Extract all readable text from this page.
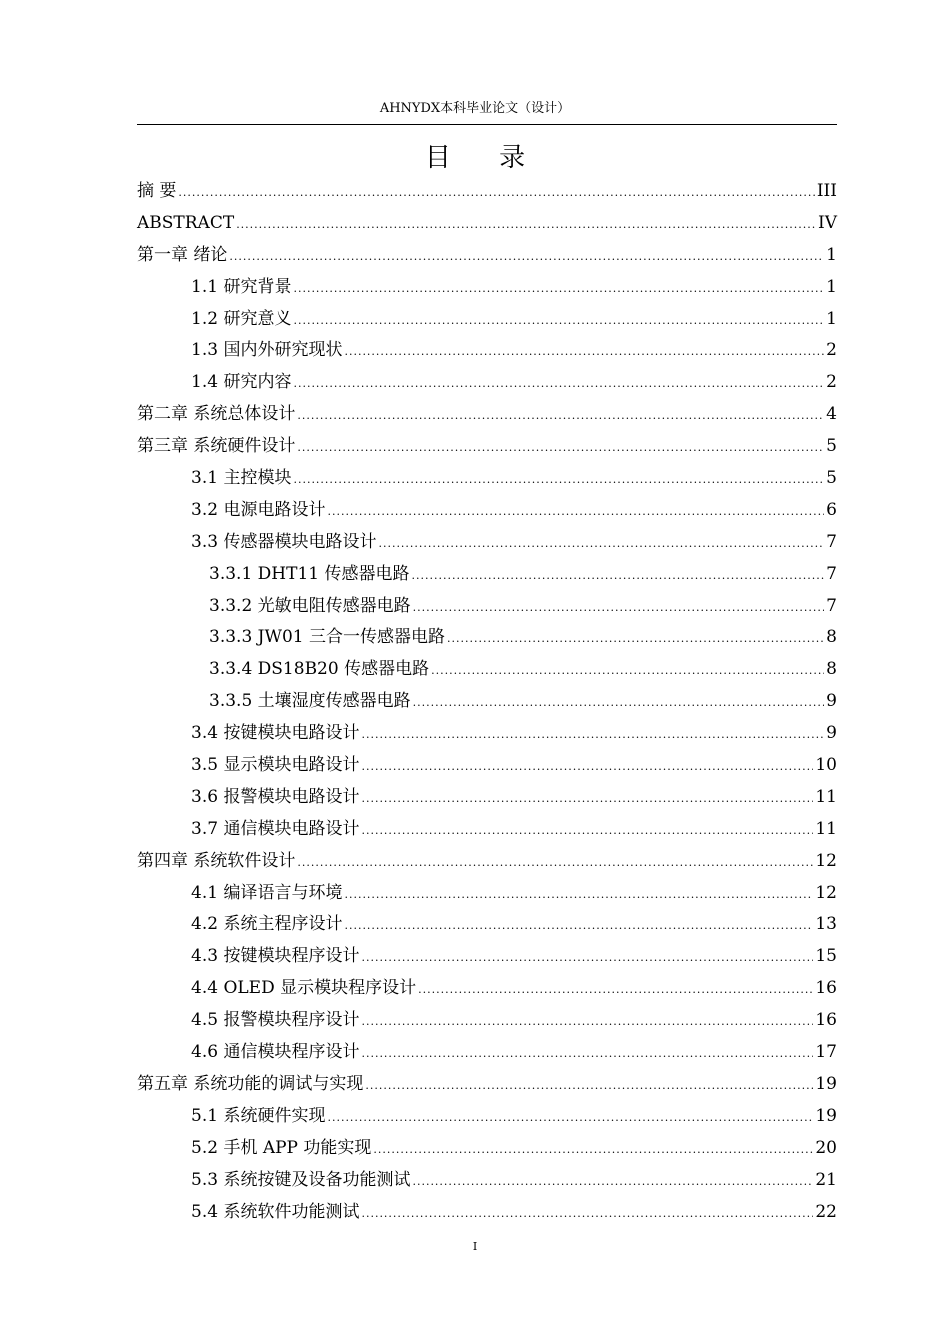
AHNYDX本科毕业论文（设计）
目 录
摘 要 .....	III
ABSTRACT .....	IV
第一章 绪论 .....	1
1.1 研究背景 .....	1
1.2 研究意义 .....	1
1.3 国内外研究现状 .....	2
1.4 研究内容 .....	2
第二章 系统总体设计 .....	4
第三章 系统硬件设计 .....	5
3.1 主控模块 .....	5
3.2 电源电路设计 .....	6
3.3 传感器模块电路设计 .....	7
3.3.1 DHT11 传感器电路 .....	7
3.3.2 光敏电阻传感器电路 .....	7
3.3.3 JW01 三合一传感器电路 .....	8
3.3.4 DS18B20 传感器电路 .....	8
3.3.5 土壤湿度传感器电路 .....	9
3.4 按键模块电路设计 .....	9
3.5 显示模块电路设计 .....	10
3.6 报警模块电路设计 .....	11
3.7 通信模块电路设计 .....	11
第四章 系统软件设计 .....	12
4.1 编译语言与环境 .....	12
4.2 系统主程序设计 .....	13
4.3 按键模块程序设计 .....	15
4.4 OLED 显示模块程序设计 .....	16
4.5 报警模块程序设计 .....	16
4.6 通信模块程序设计 .....	17
第五章 系统功能的调试与实现 .....	19
5.1 系统硬件实现 .....	19
5.2 手机 APP 功能实现 .....	20
5.3 系统按键及设备功能测试 .....	21
5.4 系统软件功能测试 .....	22
I
